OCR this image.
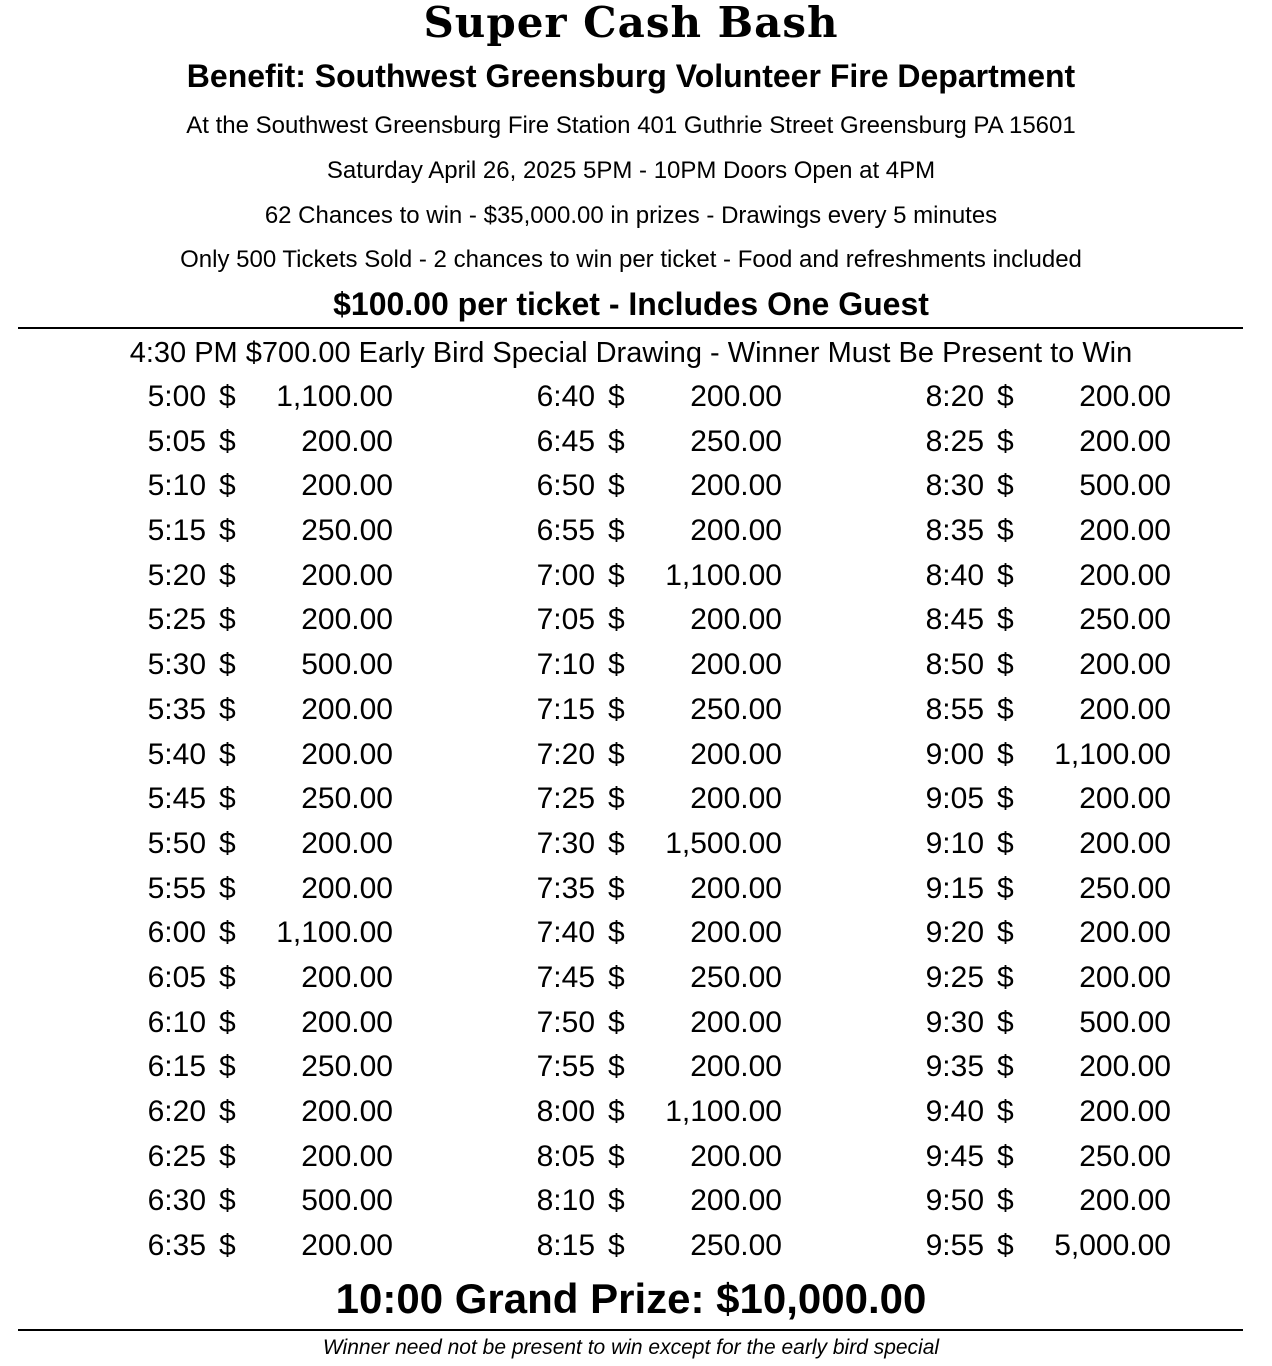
Super Cash Bash
Benefit: Southwest Greensburg Volunteer Fire Department
At the Southwest Greensburg Fire Station 401 Guthrie Street Greensburg PA 15601
Saturday April 26, 2025 5PM - 10PM Doors Open at 4PM
62 Chances to win - $35,000.00 in prizes - Drawings every 5 minutes
Only 500 Tickets Sold - 2 chances to win per ticket - Food and refreshments included
$100.00 per ticket - Includes One Guest
4:30 PM $700.00 Early Bird Special Drawing - Winner Must Be Present to Win
5:00 $ 1,100.00
5:05 $ 200.00
5:10 $ 200.00
5:15 $ 250.00
5:20 $ 200.00
5:25 $ 200.00
5:30 $ 500.00
5:35 $ 200.00
5:40 $ 200.00
5:45 $ 250.00
5:50 $ 200.00
5:55 $ 200.00
6:00 $ 1,100.00
6:05 $ 200.00
6:10 $ 200.00
6:15 $ 250.00
6:20 $ 200.00
6:25 $ 200.00
6:30 $ 500.00
6:35 $ 200.00
6:40 $ 200.00
6:45 $ 250.00
6:50 $ 200.00
6:55 $ 200.00
7:00 $ 1,100.00
7:05 $ 200.00
7:10 $ 200.00
7:15 $ 250.00
7:20 $ 200.00
7:25 $ 200.00
7:30 $ 1,500.00
7:35 $ 200.00
7:40 $ 200.00
7:45 $ 250.00
7:50 $ 200.00
7:55 $ 200.00
8:00 $ 1,100.00
8:05 $ 200.00
8:10 $ 200.00
8:15 $ 250.00
8:20 $ 200.00
8:25 $ 200.00
8:30 $ 500.00
8:35 $ 200.00
8:40 $ 200.00
8:45 $ 250.00
8:50 $ 200.00
8:55 $ 200.00
9:00 $ 1,100.00
9:05 $ 200.00
9:10 $ 200.00
9:15 $ 250.00
9:20 $ 200.00
9:25 $ 200.00
9:30 $ 500.00
9:35 $ 200.00
9:40 $ 200.00
9:45 $ 250.00
9:50 $ 200.00
9:55 $ 5,000.00
10:00 Grand Prize: $10,000.00
Winner need not be present to win except for the early bird special
